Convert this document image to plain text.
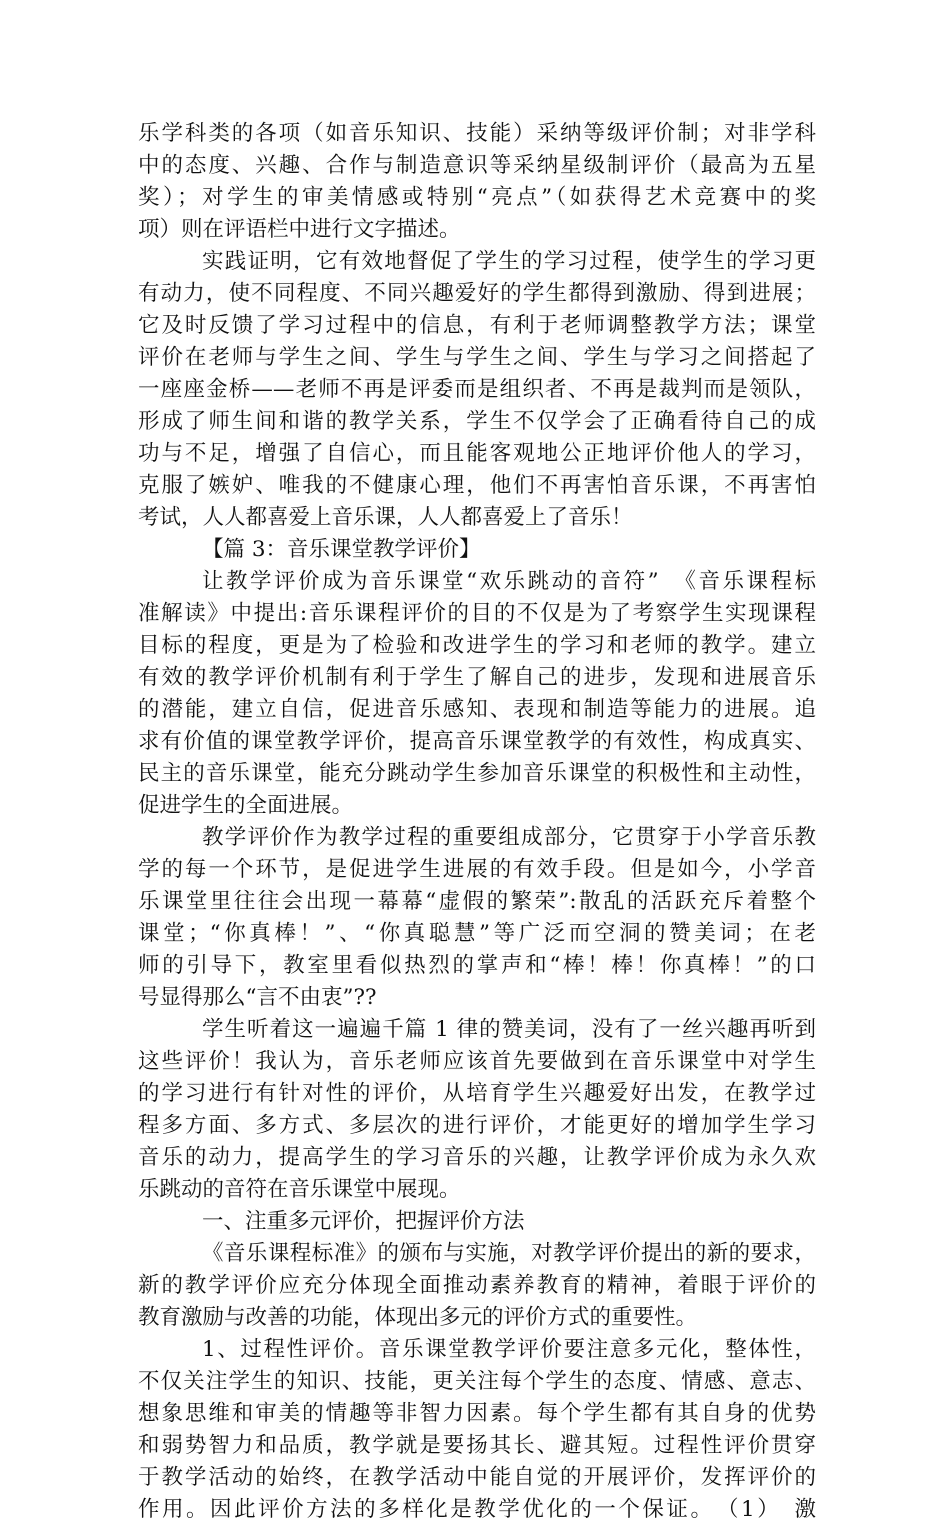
乐学科类的各项（如音乐知识、技能）采纳等级评价制；对非学科
中的态度、兴趣、合作与制造意识等采纳星级制评价（最高为五星
奖）；对学生的审美情感或特别“亮点”（如获得艺术竞赛中的奖
项）则在评语栏中进行文字描述。
实践证明，它有效地督促了学生的学习过程，使学生的学习更
有动力，使不同程度、不同兴趣爱好的学生都得到激励、得到进展；
它及时反馈了学习过程中的信息，有利于老师调整教学方法；课堂
评价在老师与学生之间、学生与学生之间、学生与学习之间搭起了
一座座金桥——老师不再是评委而是组织者、不再是裁判而是领队，
形成了师生间和谐的教学关系，学生不仅学会了正确看待自己的成
功与不足，增强了自信心，而且能客观地公正地评价他人的学习，
克服了嫉妒、唯我的不健康心理，他们不再害怕音乐课，不再害怕
考试，人人都喜爱上音乐课，人人都喜爱上了音乐！
【篇 3：音乐课堂教学评价】
让教学评价成为音乐课堂“欢乐跳动的音符”　《音乐课程标
准解读》中提出:音乐课程评价的目的不仅是为了考察学生实现课程
目标的程度，更是为了检验和改进学生的学习和老师的教学。建立
有效的教学评价机制有利于学生了解自己的进步，发现和进展音乐
的潜能，建立自信，促进音乐感知、表现和制造等能力的进展。追
求有价值的课堂教学评价，提高音乐课堂教学的有效性，构成真实、
民主的音乐课堂，能充分跳动学生参加音乐课堂的积极性和主动性，
促进学生的全面进展。
教学评价作为教学过程的重要组成部分，它贯穿于小学音乐教
学的每一个环节，是促进学生进展的有效手段。但是如今，小学音
乐课堂里往往会出现一幕幕“虚假的繁荣”:散乱的活跃充斥着整个
课堂；“你真棒！”、“你真聪慧”等广泛而空洞的赞美词；在老
师的引导下，教室里看似热烈的掌声和“棒！棒！你真棒！”的口
号显得那么“言不由衷”??
学生听着这一遍遍千篇 1 律的赞美词，没有了一丝兴趣再听到
这些评价！我认为，音乐老师应该首先要做到在音乐课堂中对学生
的学习进行有针对性的评价，从培育学生兴趣爱好出发，在教学过
程多方面、多方式、多层次的进行评价，才能更好的增加学生学习
音乐的动力，提高学生的学习音乐的兴趣，让教学评价成为永久欢
乐跳动的音符在音乐课堂中展现。
一、注重多元评价，把握评价方法
《音乐课程标准》的颁布与实施，对教学评价提出的新的要求，
新的教学评价应充分体现全面推动素养教育的精神，着眼于评价的
教育激励与改善的功能，体现出多元的评价方式的重要性。
1、过程性评价。音乐课堂教学评价要注意多元化，整体性，
不仅关注学生的知识、技能，更关注每个学生的态度、情感、意志、
想象思维和审美的情趣等非智力因素。每个学生都有其自身的优势
和弱势智力和品质，教学就是要扬其长、避其短。过程性评价贯穿
于教学活动的始终，在教学活动中能自觉的开展评价，发挥评价的
作用。因此评价方法的多样化是教学优化的一个保证。　（1）　激
